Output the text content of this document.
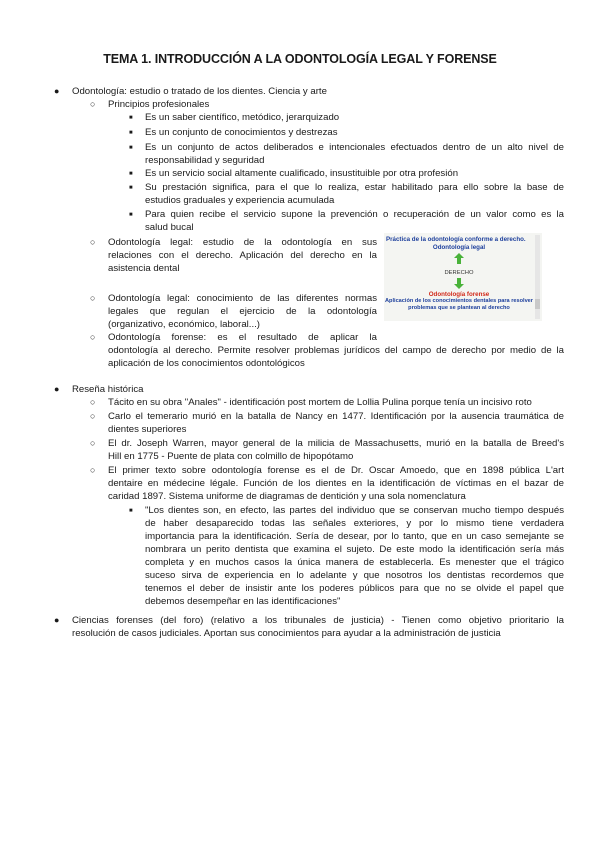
TEMA 1. INTRODUCCIÓN A LA ODONTOLOGÍA LEGAL Y FORENSE
● Odontología: estudio o tratado de los dientes. Ciencia y arte
○ Principios profesionales
■ Es un saber científico, metódico, jerarquizado
■ Es un conjunto de conocimientos y destrezas
■ Es un conjunto de actos deliberados e intencionales efectuados dentro de un alto nivel de
responsabilidad y seguridad
■ Es un servicio social altamente cualificado, insustituible por otra profesión
■ Su prestación significa, para el que lo realiza, estar habilitado para ello sobre la base de
estudios graduales y experiencia acumulada
■ Para quien recibe el servicio supone la prevención o recuperación de un valor como es la
salud bucal
○ Odontología legal: estudio de la odontología en sus
relaciones con el derecho. Aplicación del derecho en la
asistencia dental
○ Odontología legal: conocimiento de las diferentes normas
legales que regulan el ejercicio de la odontología
(organizativo, económico, laboral...)
○ Odontología forense: es el resultado de aplicar la
odontología al derecho. Permite resolver problemas jurídicos del campo de derecho por medio de la
aplicación de los conocimientos odontológicos
Práctica de la odontología conforme a derecho.
Odontología legal
DERECHO
Odontología forense
Aplicación de los conocimientos dentales para resolver problemas que se plantean al derecho
● Reseña histórica
○ Tácito en su obra "Anales" - identificación post mortem de Lollia Pulina porque tenía un incisivo roto
○ Carlo el temerario murió en la batalla de Nancy en 1477. Identificación por la ausencia traumática de
dientes superiores
○ El dr. Joseph Warren, mayor general de la milicia de Massachusetts, murió en la batalla de Breed's
Hill en 1775 - Puente de plata con colmillo de hipopótamo
○ El primer texto sobre odontología forense es el de Dr. Oscar Amoedo, que en 1898 pública L'art
dentaire en médecine légale. Función de los dientes en la identificación de víctimas en el bazar de
caridad 1897. Sistema uniforme de diagramas de dentición y una sola nomenclatura
■ "Los dientes son, en efecto, las partes del individuo que se conservan mucho tiempo después
de haber desaparecido todas las señales exteriores, y por lo mismo tiene verdadera
importancia para la identificación. Sería de desear, por lo tanto, que en un caso semejante se
nombrara un perito dentista que examina el sujeto. De este modo la identificación sería más
completa y en muchos casos la única manera de establecerla. Es menester que el trágico
suceso sirva de experiencia en lo adelante y que nosotros los dentistas recordemos que
tenemos el deber de insistir ante los poderes públicos para que no se olvide el papel que
debemos desempeñar en las identificaciones"
● Ciencias forenses (del foro) (relativo a los tribunales de justicia) - Tienen como objetivo prioritario la
resolución de casos judiciales. Aportan sus conocimientos para ayudar a la administración de justicia
